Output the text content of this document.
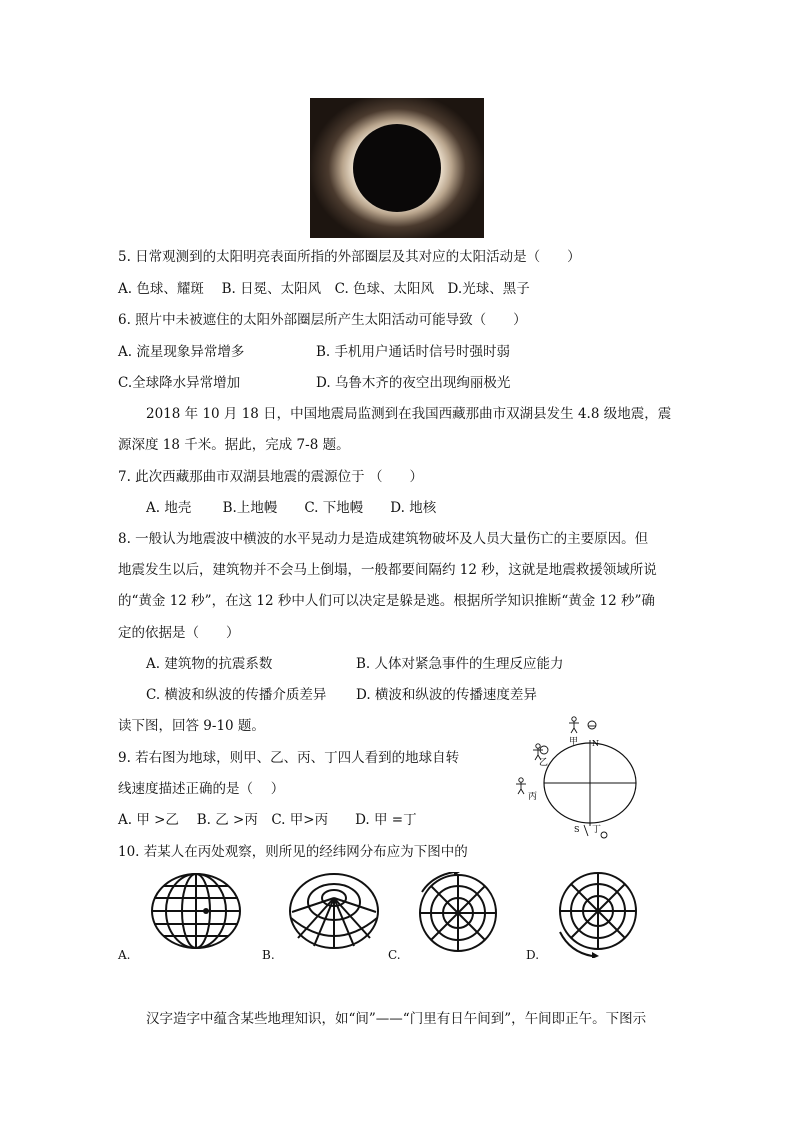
5. 日常观测到的太阳明亮表面所指的外部圈层及其对应的太阳活动是（　　）
A. 色球、耀斑　 B. 日冕、太阳风　C. 色球、太阳风　D.光球、黑子
6. 照片中未被遮住的太阳外部圈层所产生太阳活动可能导致（　　）
A. 流星现象异常增多	B. 手机用户通话时信号时强时弱
C.全球降水异常增加	D. 乌鲁木齐的夜空出现绚丽极光
2018 年 10 月 18 日，中国地震局监测到在我国西藏那曲市双湖县发生 4.8 级地震，震
源深度 18 千米。据此，完成 7-8 题。
7. 此次西藏那曲市双湖县地震的震源位于 （　　）
A. 地壳　　 B.上地幔　　C. 下地幔　　D. 地核
8. 一般认为地震波中横波的水平晃动力是造成建筑物破坏及人员大量伤亡的主要原因。但
地震发生以后，建筑物并不会马上倒塌，一般都要间隔约 12 秒，这就是地震救援领域所说
的“黄金 12 秒”，在这 12 秒中人们可以决定是躲是逃。根据所学知识推断“黄金 12 秒”确
定的依据是（　　）
A. 建筑物的抗震系数	B. 人体对紧急事件的生理反应能力
C. 横波和纵波的传播介质差异 D. 横波和纵波的传播速度差异
读下图，回答 9-10 题。
9. 若右图为地球，则甲、乙、丙、丁四人看到的地球自转
线速度描述正确的是（　 ）
A. 甲 >乙　 B. 乙 >丙　C. 甲>丙　　D. 甲 =丁
甲 N
乙
丙
S 丁
10. 若某人在丙处观察，则所见的经纬网分布应为下图中的
A.	B.	C.	D.
汉字造字中蕴含某些地理知识，如“间”——“门里有日午间到”，午间即正午。下图示
